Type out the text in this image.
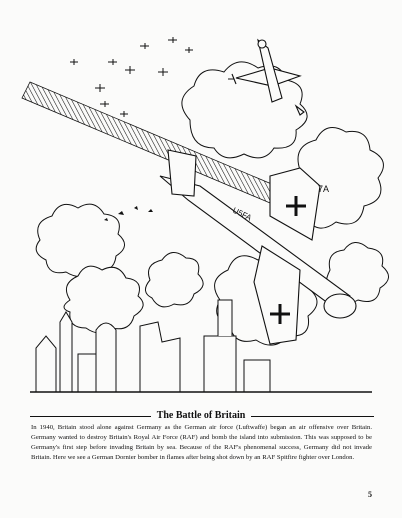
7A
U5FA
The Battle of Britain

In 1940, Britain stood alone against Germany as the German air force (Luftwaffe) began an air offensive over Britain. Germany wanted to destroy Britain's Royal Air Force (RAF) and bomb the island into submission. This was supposed to be Germany's first step before invading Britain by sea. Because of the RAF's phenomenal success, Germany did not invade Britain. Here we see a German Dornier bomber in flames after being shot down by an RAF Spitfire fighter over London.

5
